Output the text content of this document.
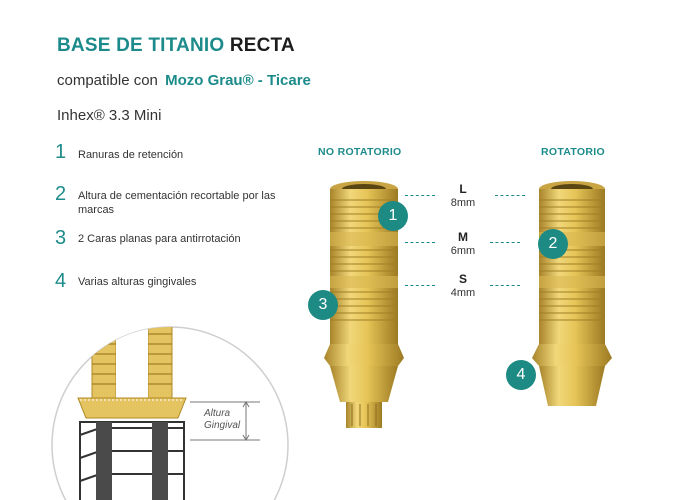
BASE DE TITANIO RECTA
compatible con Mozo Grau® - Ticare
Inhex® 3.3 Mini
1 Ranuras de retención
2 Altura de cementación recortable por las marcas
3 2 Caras planas para antirrotación
4 Varias alturas gingivales
NO ROTATORIO	ROTATORIO
L
8mm
M
6mm
S
4mm
1
2
3
4
Altura
Gingival
